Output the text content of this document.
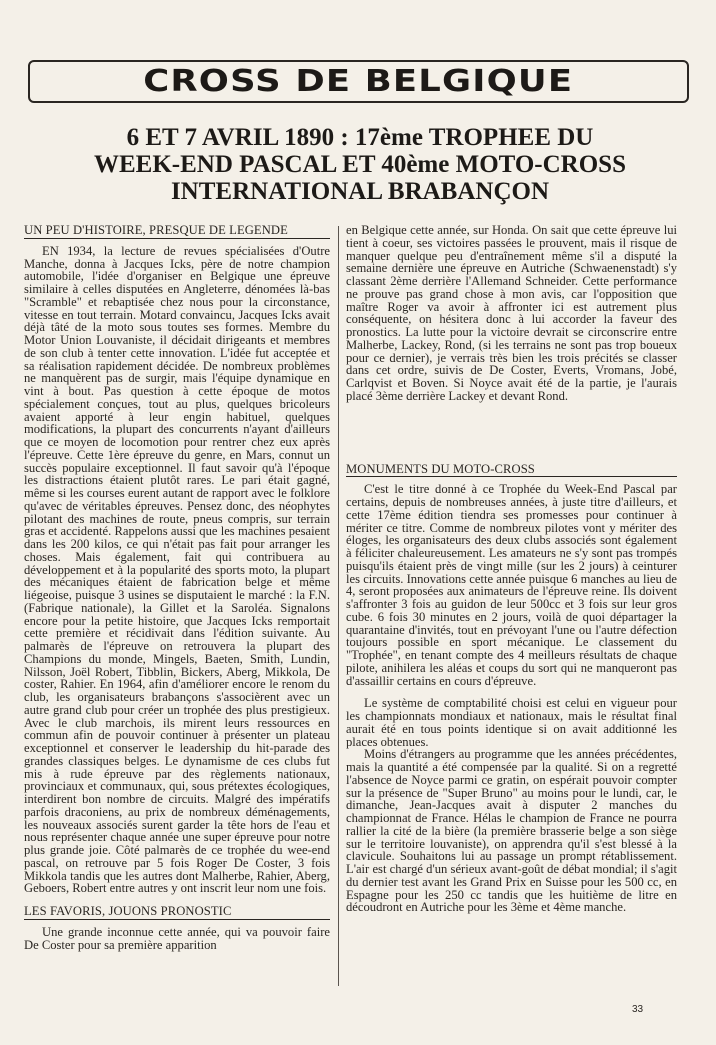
CROSS DE BELGIQUE
6 ET 7 AVRIL 1890 : 17ème TROPHEE DU
WEEK-END PASCAL ET 40ème MOTO-CROSS
INTERNATIONAL BRABANÇON
UN PEU D'HISTOIRE, PRESQUE DE LEGENDE

EN 1934, la lecture de revues spécialisées d'Outre Manche, donna à Jacques Icks, père de notre champion automobile, l'idée d'organiser en Belgique une épreuve similaire à celles disputées en Angleterre, dénomées là-bas "Scramble" et rebaptisée chez nous pour la circonstance, vitesse en tout terrain. Motard convaincu, Jacques Icks avait déjà tâté de la moto sous toutes ses formes. Membre du Motor Union Louvaniste, il décidait dirigeants et membres de son club à tenter cette innovation. L'idée fut acceptée et sa réalisation rapidement décidée. De nombreux problèmes ne manquèrent pas de surgir, mais l'équipe dynamique en vint à bout. Pas question à cette époque de motos spécialement conçues, tout au plus, quelques bricoleurs avaient apporté à leur engin habituel, quelques modifications, la plupart des concurrents n'ayant d'ailleurs que ce moyen de locomotion pour rentrer chez eux après l'épreuve. Cette 1ère épreuve du genre, en Mars, connut un succès populaire exceptionnel. Il faut savoir qu'à l'époque les distractions étaient plutôt rares. Le pari était gagné, même si les courses eurent autant de rapport avec le folklore qu'avec de véritables épreuves. Pensez donc, des néophytes pilotant des machines de route, pneus compris, sur terrain gras et accidenté. Rappelons aussi que les machines pesaient dans les 200 kilos, ce qui n'était pas fait pour arranger les choses. Mais également, fait qui contribuera au développement et à la popularité des sports moto, la plupart des mécaniques étaient de fabrication belge et même liégeoise, puisque 3 usines se disputaient le marché : la F.N. (Fabrique nationale), la Gillet et la Saroléa. Signalons encore pour la petite histoire, que Jacques Icks remportait cette première et récidivait dans l'édition suivante. Au palmarès de l'épreuve on retrouvera la plupart des Champions du monde, Mingels, Baeten, Smith, Lundin, Nilsson, Joël Robert, Tibblin, Bickers, Aberg, Mikkola, De coster, Rahier. En 1964, afin d'améliorer encore le renom du club, les organisateurs brabançons s'associèrent avec un autre grand club pour créer un trophée des plus prestigieux. Avec le club marchois, ils mirent leurs ressources en commun afin de pouvoir continuer à présenter un plateau exceptionnel et conserver le leadership du hit-parade des grandes classiques belges. Le dynamisme de ces clubs fut mis à rude épreuve par des règlements nationaux, provinciaux et communaux, qui, sous prétextes écologiques, interdirent bon nombre de circuits. Malgré des impératifs parfois draconiens, au prix de nombreux déménagements, les nouveaux associés surent garder la tête hors de l'eau et nous représenter chaque année une super épreuve pour notre plus grande joie. Côté palmarès de ce trophée du wee-end pascal, on retrouve par 5 fois Roger De Coster, 3 fois Mikkola tandis que les autres dont Malherbe, Rahier, Aberg, Geboers, Robert entre autres y ont inscrit leur nom une fois.

LES FAVORIS, JOUONS PRONOSTIC

Une grande inconnue cette année, qui va pouvoir faire De Coster pour sa première apparition

en Belgique cette année, sur Honda. On sait que cette épreuve lui tient à coeur, ses victoires passées le prouvent, mais il risque de manquer quelque peu d'entraînement même s'il a disputé la semaine dernière une épreuve en Autriche (Schwaenenstadt) s'y classant 2ème derrière l'Allemand Schneider. Cette performance ne prouve pas grand chose à mon avis, car l'opposition que maître Roger va avoir à affronter ici est autrement plus conséquente, on hésitera donc à lui accorder la faveur des pronostics. La lutte pour la victoire devrait se circonscrire entre Malherbe, Lackey, Rond, (si les terrains ne sont pas trop boueux pour ce dernier), je verrais très bien les trois précités se classer dans cet ordre, suivis de De Coster, Everts, Vromans, Jobé, Carlqvist et Boven. Si Noyce avait été de la partie, je l'aurais placé 3ème derrière Lackey et devant Rond.

MONUMENTS DU MOTO-CROSS

C'est le titre donné à ce Trophée du Week-End Pascal par certains, depuis de nombreuses années, à juste titre d'ailleurs, et cette 17ème édition tiendra ses promesses pour continuer à mériter ce titre. Comme de nombreux pilotes vont y mériter des éloges, les organisateurs des deux clubs associés sont également à féliciter chaleureusement. Les amateurs ne s'y sont pas trompés puisqu'ils étaient près de vingt mille (sur les 2 jours) à ceinturer les circuits. Innovations cette année puisque 6 manches au lieu de 4, seront proposées aux animateurs de l'épreuve reine. Ils doivent s'affronter 3 fois au guidon de leur 500cc et 3 fois sur leur gros cube. 6 fois 30 minutes en 2 jours, voilà de quoi départager la quarantaine d'invités, tout en prévoyant l'une ou l'autre défection toujours possible en sport mécanique. Le classement du "Trophée", en tenant compte des 4 meilleurs résultats de chaque pilote, anihilera les aléas et coups du sort qui ne manqueront pas d'assaillir certains en cours d'épreuve.

Le système de comptabilité choisi est celui en vigueur pour les championnats mondiaux et nationaux, mais le résultat final aurait été en tous points identique si on avait additionné les places obtenues.

Moins d'étrangers au programme que les années précédentes, mais la quantité a été compensée par la qualité. Si on a regretté l'absence de Noyce parmi ce gratin, on espérait pouvoir compter sur la présence de "Super Bruno" au moins pour le lundi, car, le dimanche, Jean-Jacques avait à disputer 2 manches du championnat de France. Hélas le champion de France ne pourra rallier la cité de la bière (la première brasserie belge a son siège sur le territoire louvaniste), on apprendra qu'il s'est blessé à la clavicule. Souhaitons lui au passage un prompt rétablissement. L'air est chargé d'un sérieux avant-goût de débat mondial; il s'agit du dernier test avant les Grand Prix en Suisse pour les 500 cc, en Espagne pour les 250 cc tandis que les huitième de litre en découdront en Autriche pour les 3ème et 4ème manche.

33
